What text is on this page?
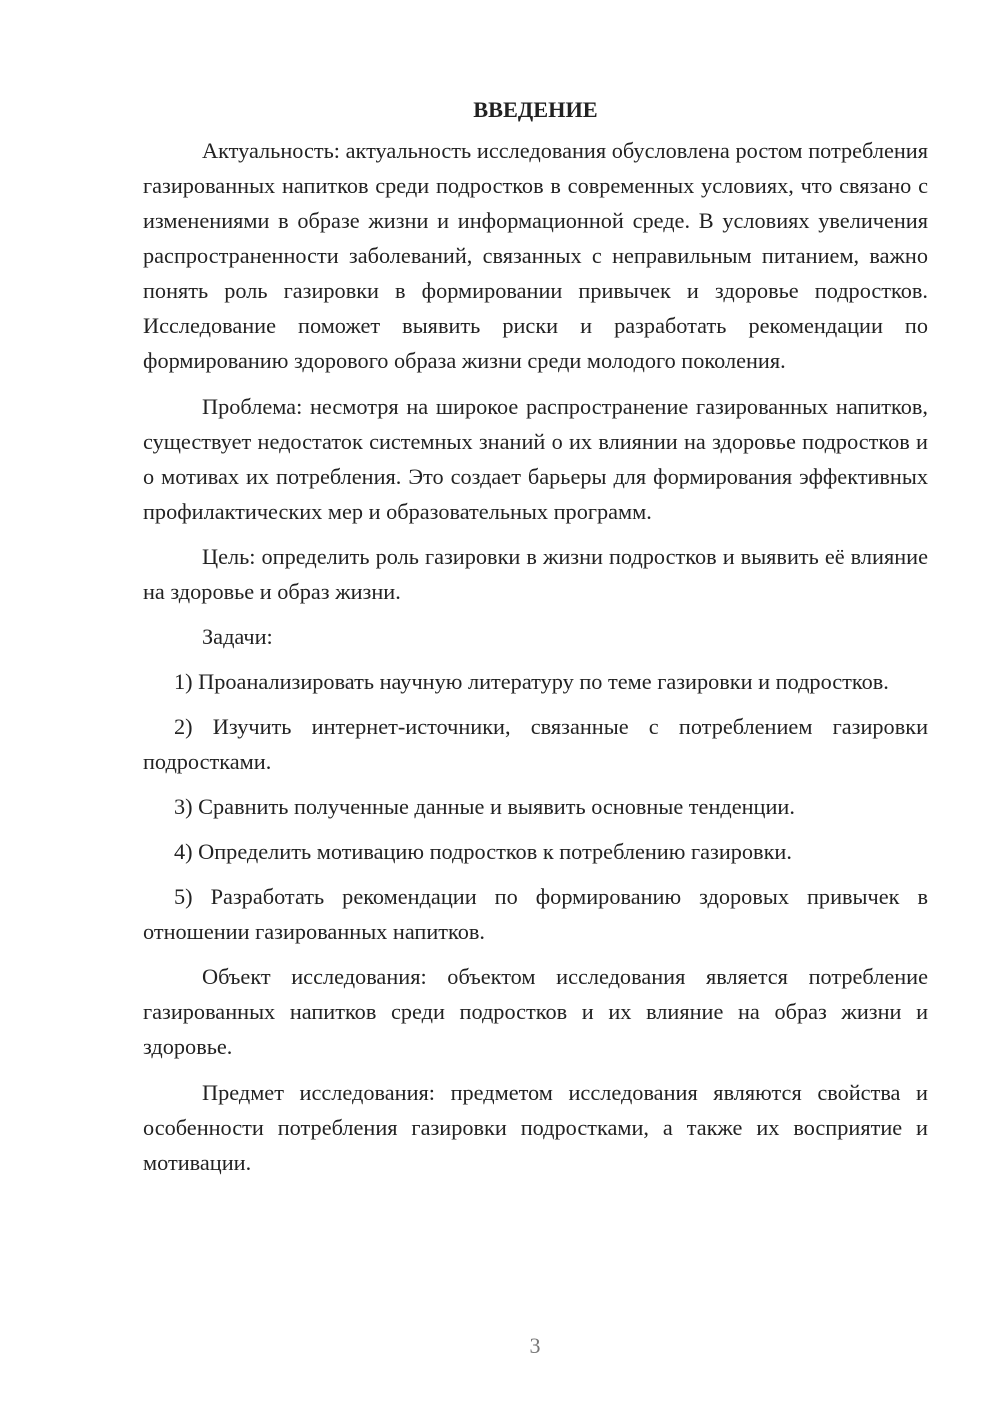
ВВЕДЕНИЕ

Актуальность: актуальность исследования обусловлена ростом потребления газированных напитков среди подростков в современных условиях, что связано с изменениями в образе жизни и информационной среде. В условиях увеличения распространенности заболеваний, связанных с неправильным питанием, важно понять роль газировки в формировании привычек и здоровье подростков. Исследование поможет выявить риски и разработать рекомендации по формированию здорового образа жизни среди молодого поколения.

Проблема: несмотря на широкое распространение газированных напитков, существует недостаток системных знаний о их влиянии на здоровье подростков и о мотивах их потребления. Это создает барьеры для формирования эффективных профилактических мер и образовательных программ.

Цель: определить роль газировки в жизни подростков и выявить её влияние на здоровье и образ жизни.

Задачи:

1) Проанализировать научную литературу по теме газировки и подростков.

2) Изучить интернет-источники, связанные с потреблением газировки подростками.

3) Сравнить полученные данные и выявить основные тенденции.

4) Определить мотивацию подростков к потреблению газировки.

5) Разработать рекомендации по формированию здоровых привычек в отношении газированных напитков.

Объект исследования: объектом исследования является потребление газированных напитков среди подростков и их влияние на образ жизни и здоровье.

Предмет исследования: предметом исследования являются свойства и особенности потребления газировки подростками, а также их восприятие и мотивации.

3
